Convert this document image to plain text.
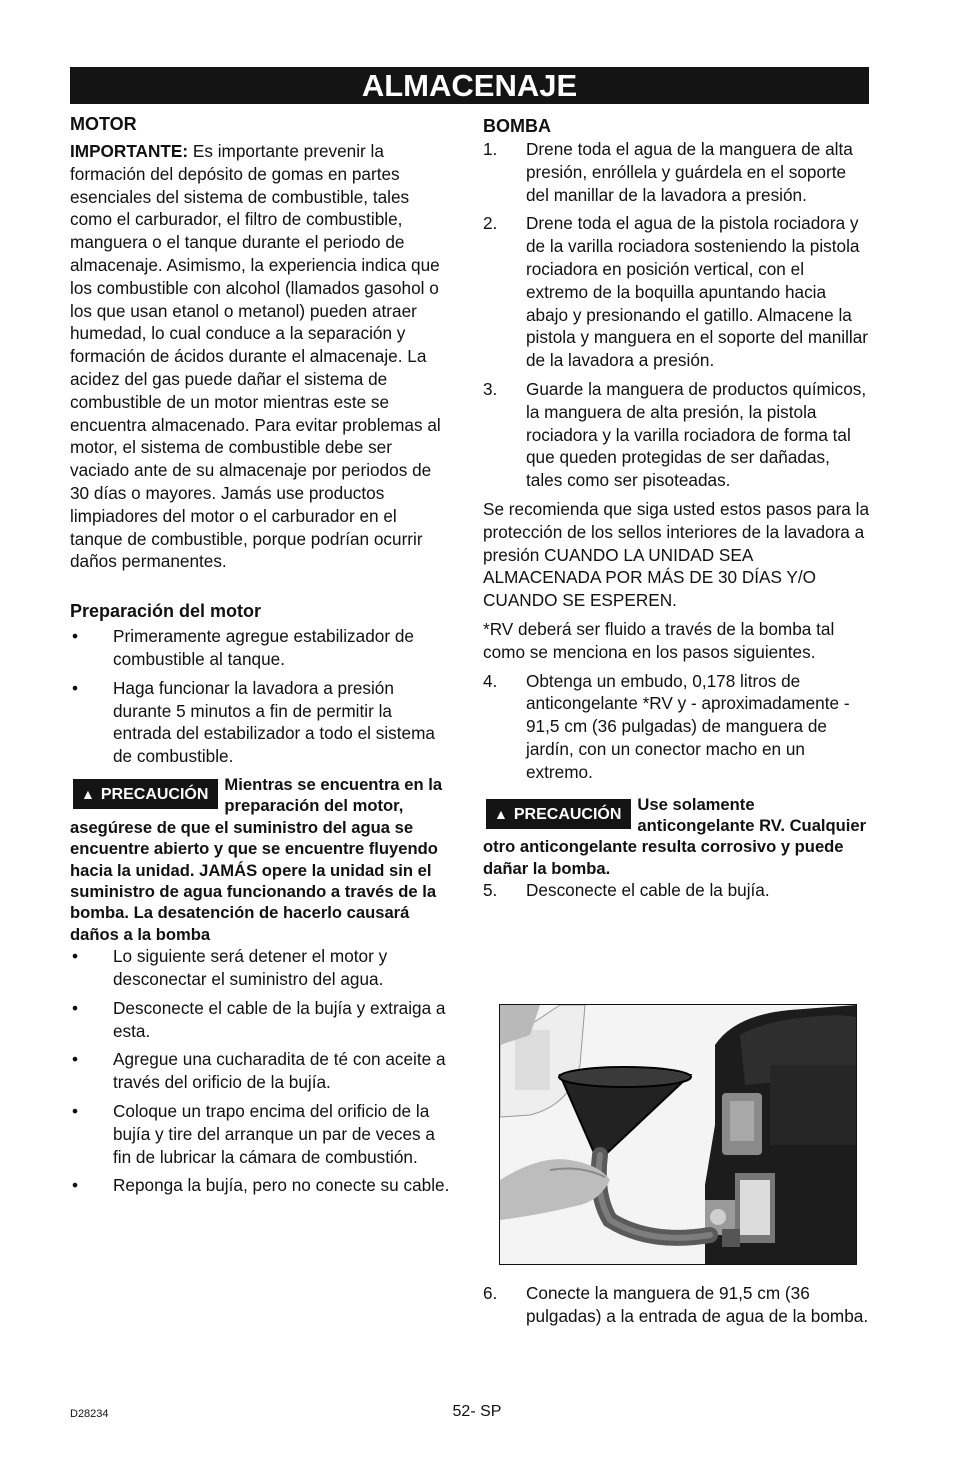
ALMACENAJE
MOTOR

IMPORTANTE: Es importante prevenir la formación del depósito de gomas en partes esenciales del sistema de combustible, tales como el carburador, el filtro de combustible, manguera o el tanque durante el periodo de almacenaje. Asimismo, la experiencia indica que los combustible con alcohol (llamados gasohol o los que usan etanol o metanol) pueden atraer humedad, lo cual conduce a la separación y formación de ácidos durante el almacenaje. La acidez del gas puede dañar el sistema de combustible de un motor mientras este se encuentra almacenado. Para evitar problemas al motor, el sistema de combustible debe ser vaciado ante de su almacenaje por periodos de 30 días o mayores. Jamás use productos limpiadores del motor o el carburador en el tanque de combustible, porque podrían ocurrir daños permanentes.

Preparación del motor
• Primeramente agregue estabilizador de combustible al tanque.
• Haga funcionar la lavadora a presión durante 5 minutos a fin de permitir la entrada del estabilizador a todo el sistema de combustible.
▲ PRECAUCIÓN
Mientras se encuentra en la preparación del motor, asegúrese de que el suministro del agua se encuentre abierto y que se encuentre fluyendo hacia la unidad. JAMÁS opere la unidad sin el suministro de agua funcionando a través de la bomba. La desatención de hacerlo causará daños a la bomba
• Lo siguiente será detener el motor y desconectar el suministro del agua.
• Desconecte el cable de la bujía y extraiga a esta.
• Agregue una cucharadita de té con aceite a través del orificio de la bujía.
• Coloque un trapo encima del orificio de la bujía y tire del arranque un par de veces a fin de lubricar la cámara de combustión.
• Reponga la bujía, pero no conecte su cable.
BOMBA
1. Drene toda el agua de la manguera de alta presión, enróllela y guárdela en el soporte del manillar de la lavadora a presión.
2. Drene toda el agua de la pistola rociadora y de la varilla rociadora sosteniendo la pistola rociadora en posición vertical, con el extremo de la boquilla apuntando hacia abajo y presionando el gatillo. Almacene la pistola y manguera en el soporte del manillar de la lavadora a presión.
3. Guarde la manguera de productos químicos, la manguera de alta presión, la pistola rociadora y la varilla rociadora de forma tal que queden protegidas de ser dañadas, tales como ser pisoteadas.

Se recomienda que siga usted estos pasos para la protección de los sellos interiores de la lavadora a presión CUANDO LA UNIDAD SEA ALMACENADA POR MÁS DE 30 DÍAS Y/O CUANDO SE ESPEREN.

*RV deberá ser fluido a través de la bomba tal como se menciona en los pasos siguientes.

4. Obtenga un embudo, 0,178 litros de anticongelante *RV y - aproximadamente - 91,5 cm (36 pulgadas) de manguera de jardín, con un conector macho en un extremo.
▲ PRECAUCIÓN
Use solamente anticongelante RV. Cualquier otro anticongelante resulta corrosivo y puede dañar la bomba.
5. Desconecte el cable de la bujía.
6. Conecte la manguera de 91,5 cm (36 pulgadas) a la entrada de agua de la bomba.
D28234	52- SP
